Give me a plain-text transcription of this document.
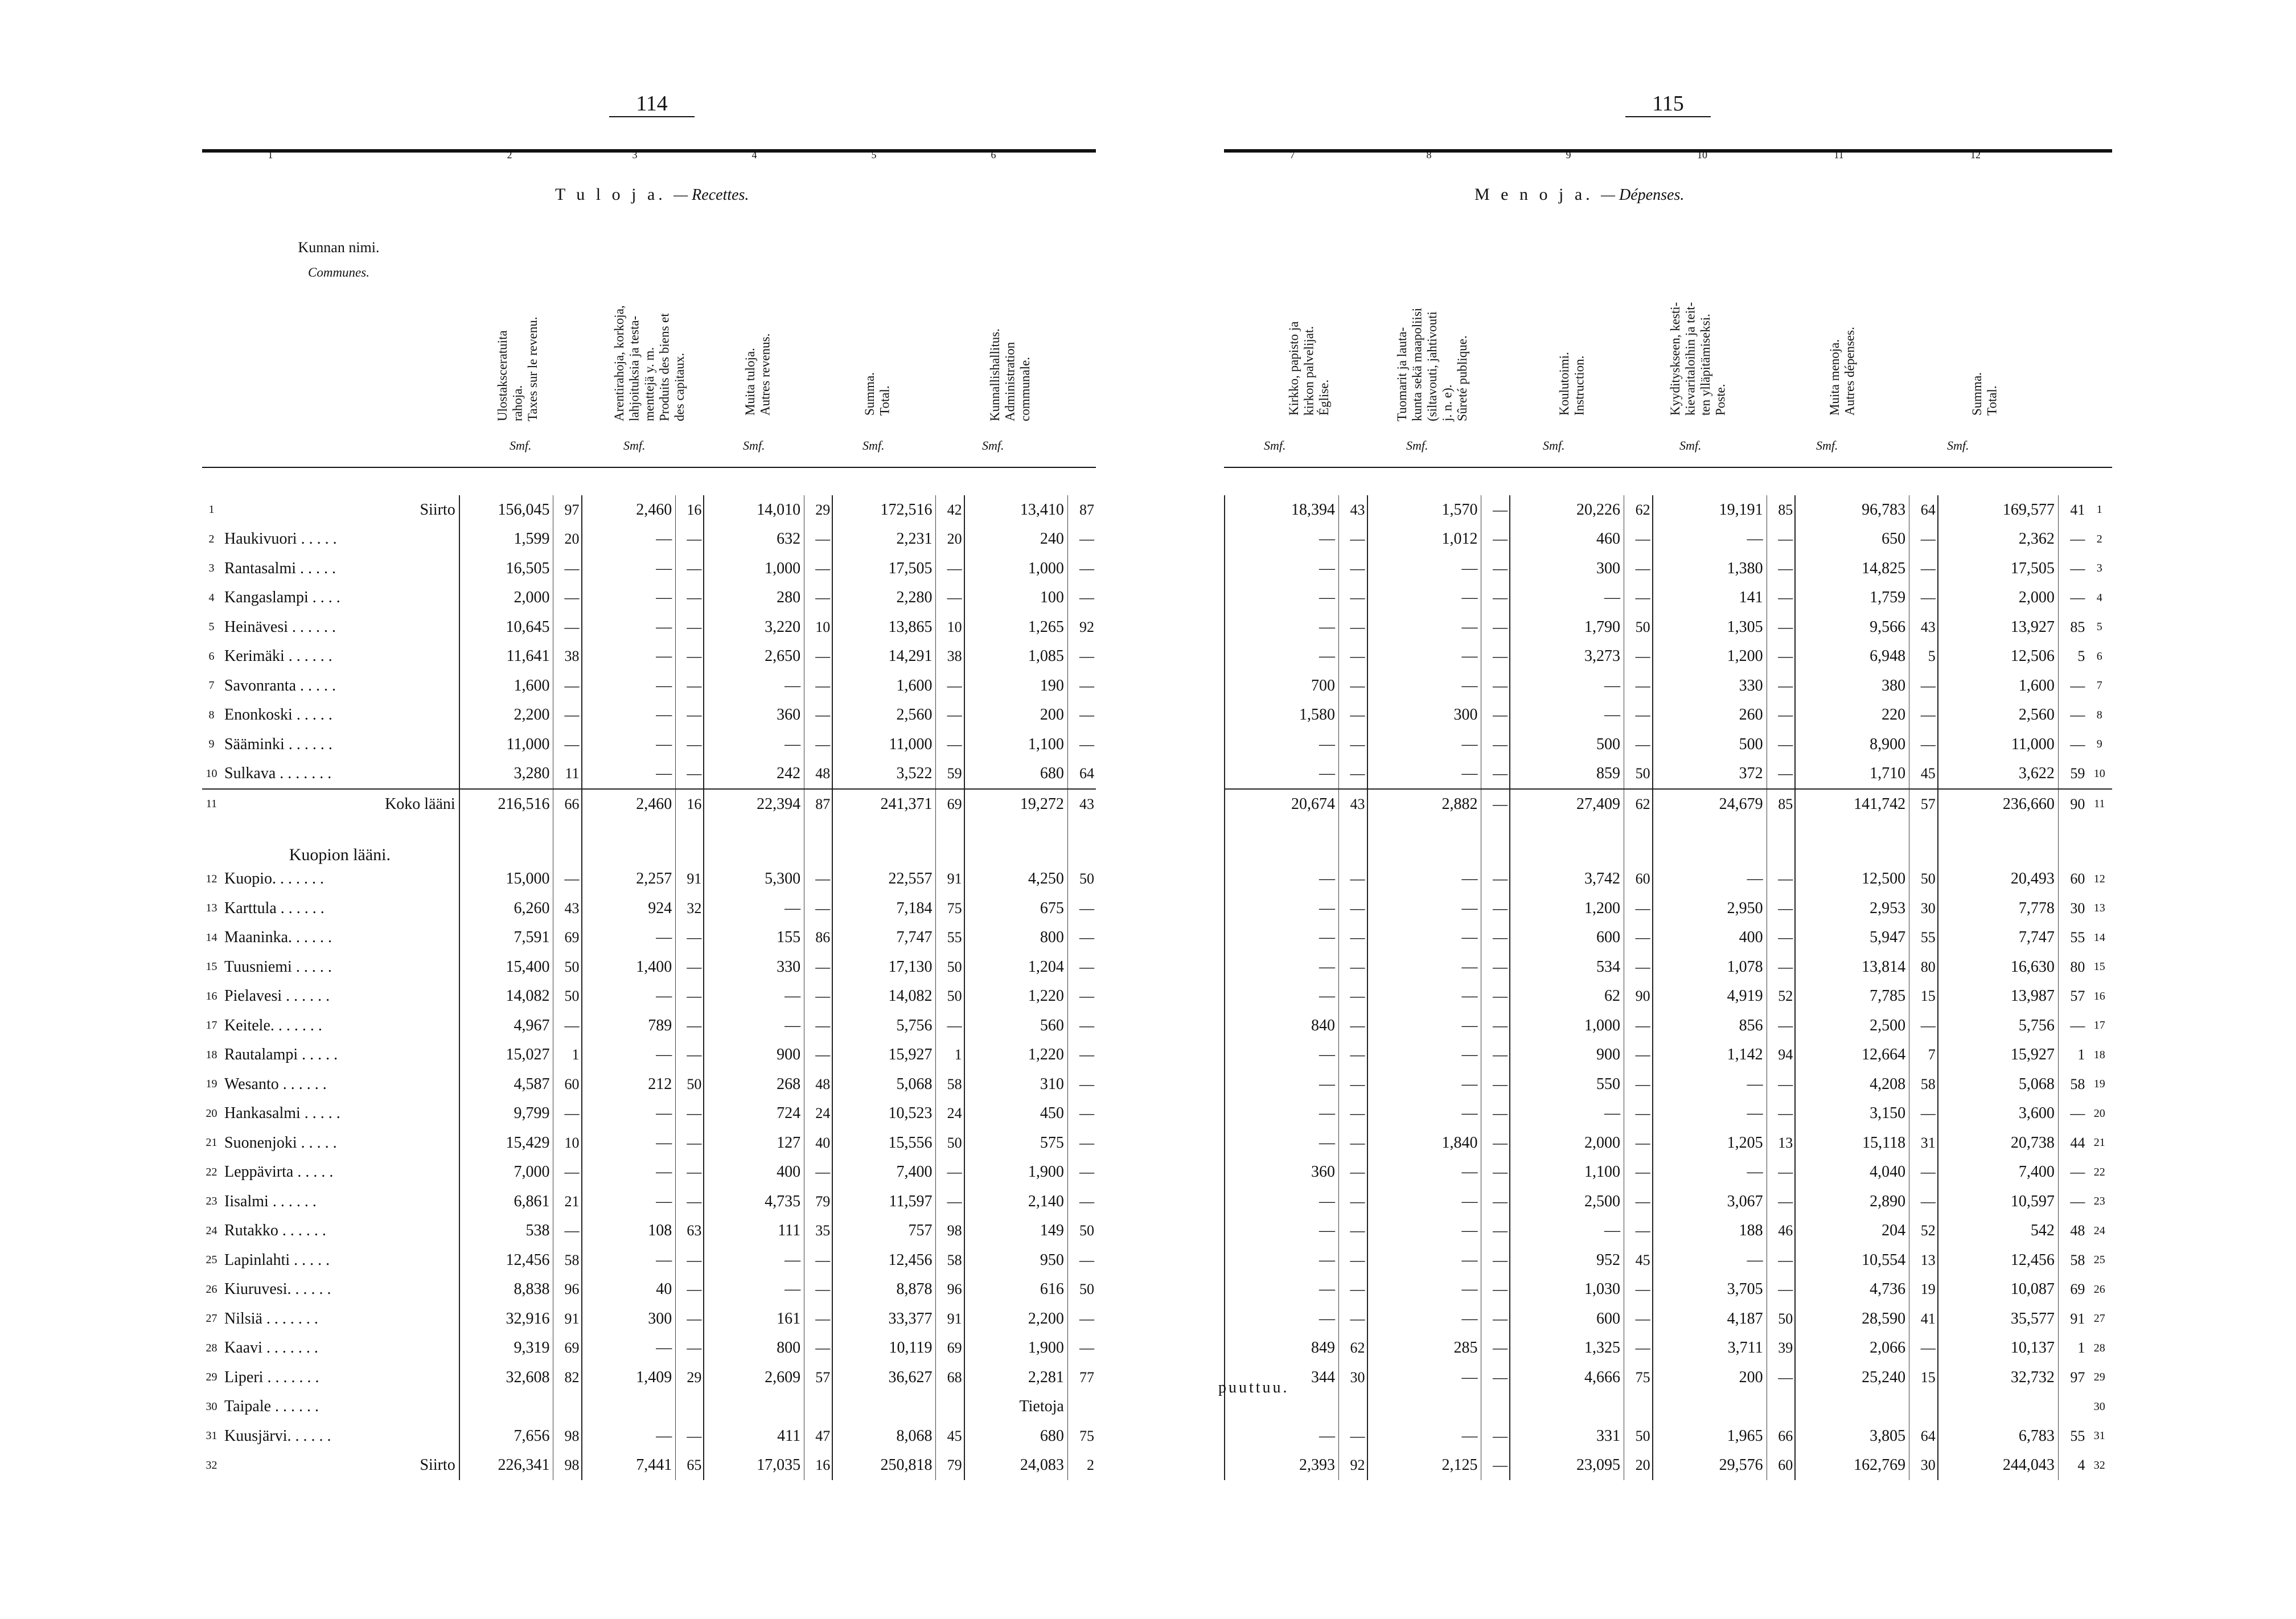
114
1	2	3	4	5	6
T u l o j a. — Recettes.
Kunnan nimi.
Communes.
Ulostaksceratuita
rahoja.
Taxes sur le revenu.
Arentirahoja, korkoja,
lahjoituksia ja testa-
menttejä y. m.
Produits des biens et
des capitaux.	Muita tuloja.
Autres revenus.
Summa.
Total.	Kunnallishallitus.
Administration
communale.
Smf.	Smf.	Smf.	Smf.	Smf.
1	Siirto	156,045	97	2,460	16	14,010	29	172,516	42	13,410	87
2	Haukivuori . . . . .	1,599	20	—	—	632	—	2,231	20	240	—
3	Rantasalmi . . . . .	16,505	—	—	—	1,000	—	17,505	—	1,000	—
4	Kangaslampi . . . .	2,000	—	—	—	280	—	2,280	—	100	—
5	Heinävesi . . . . . .	10,645	—	—	—	3,220	10	13,865	10	1,265	92
6	Kerimäki . . . . . .	11,641	38	—	—	2,650	—	14,291	38	1,085	—
7	Savonranta . . . . .	1,600	—	—	—	—	—	1,600	—	190	—
8	Enonkoski . . . . .	2,200	—	—	—	360	—	2,560	—	200	—
9	Sääminki . . . . . .	11,000	—	—	—	—	—	11,000	—	1,100	—
10	Sulkava . . . . . . .	3,280	11	—	—	242	48	3,522	59	680	64
11	Koko lääni	216,516	66	2,460	16	22,394	87	241,371	69	19,272	43
	Kuopion lääni.										
12	Kuopio. . . . . . .	15,000	—	2,257	91	5,300	—	22,557	91	4,250	50
13	Karttula . . . . . .	6,260	43	924	32	—	—	7,184	75	675	—
14	Maaninka. . . . . .	7,591	69	—	—	155	86	7,747	55	800	—
15	Tuusniemi . . . . .	15,400	50	1,400	—	330	—	17,130	50	1,204	—
16	Pielavesi . . . . . .	14,082	50	—	—	—	—	14,082	50	1,220	—
17	Keitele. . . . . . .	4,967	—	789	—	—	—	5,756	—	560	—
18	Rautalampi . . . . .	15,027	1	—	—	900	—	15,927	1	1,220	—
19	Wesanto . . . . . .	4,587	60	212	50	268	48	5,068	58	310	—
20	Hankasalmi . . . . .	9,799	—	—	—	724	24	10,523	24	450	—
21	Suonenjoki . . . . .	15,429	10	—	—	127	40	15,556	50	575	—
22	Leppävirta . . . . .	7,000	—	—	—	400	—	7,400	—	1,900	—
23	Iisalmi . . . . . .	6,861	21	—	—	4,735	79	11,597	—	2,140	—
24	Rutakko . . . . . .	538	—	108	63	111	35	757	98	149	50
25	Lapinlahti . . . . .	12,456	58	—	—	—	—	12,456	58	950	—
26	Kiuruvesi. . . . . .	8,838	96	40	—	—	—	8,878	96	616	50
27	Nilsiä . . . . . . .	32,916	91	300	—	161	—	33,377	91	2,200	—
28	Kaavi . . . . . . .	9,319	69	—	—	800	—	10,119	69	1,900	—
29	Liperi . . . . . . .	32,608	82	1,409	29	2,609	57	36,627	68	2,281	77
30	Taipale . . . . . .									Tietoja	
31	Kuusjärvi. . . . . .	7,656	98	—	—	411	47	8,068	45	680	75
32	Siirto	226,341	98	7,441	65	17,035	16	250,818	79	24,083	2
115
7	8	9	10	11	12
M e n o j a. — Dépenses.
Kirkko, papisto ja
kirkon palvelijat.
Église.	Tuomarit ja lauta-
kunta sekä maapoliisi
(siltavouti, jahtivouti
j. n. e).
Sûreté publique.	Koulutoimi.
Instruction.	Kyydityskseen, kesti-
kievaritaloihin ja teit-
ten ylläpitämiseksi.
Poste.	Muita menoja.
Autres dépenses.
Summa.
Total.
Smf.	Smf.	Smf.	Smf.	Smf.	Smf.
18,394	43	1,570	—	20,226	62	19,191	85	96,783	64	169,577	41	1
—	—	1,012	—	460	—	—	—	650	—	2,362	—	2
—	—	—	—	300	—	1,380	—	14,825	—	17,505	—	3
—	—	—	—	—	—	141	—	1,759	—	2,000	—	4
—	—	—	—	1,790	50	1,305	—	9,566	43	13,927	85	5
—	—	—	—	3,273	—	1,200	—	6,948	5	12,506	5	6
700	—	—	—	—	—	330	—	380	—	1,600	—	7
1,580	—	300	—	—	—	260	—	220	—	2,560	—	8
—	—	—	—	500	—	500	—	8,900	—	11,000	—	9
—	—	—	—	859	50	372	—	1,710	45	3,622	59	10
20,674	43	2,882	—	27,409	62	24,679	85	141,742	57	236,660	90	11

—	—	—	—	3,742	60	—	—	12,500	50	20,493	60	12
—	—	—	—	1,200	—	2,950	—	2,953	30	7,778	30	13
—	—	—	—	600	—	400	—	5,947	55	7,747	55	14
—	—	—	—	534	—	1,078	—	13,814	80	16,630	80	15
—	—	—	—	62	90	4,919	52	7,785	15	13,987	57	16
840	—	—	—	1,000	—	856	—	2,500	—	5,756	—	17
—	—	—	—	900	—	1,142	94	12,664	7	15,927	1	18
—	—	—	—	550	—	—	—	4,208	58	5,068	58	19
—	—	—	—	—	—	—	—	3,150	—	3,600	—	20
—	—	1,840	—	2,000	—	1,205	13	15,118	31	20,738	44	21
360	—	—	—	1,100	—	—	—	4,040	—	7,400	—	22
—	—	—	—	2,500	—	3,067	—	2,890	—	10,597	—	23
—	—	—	—	—	—	188	46	204	52	542	48	24
—	—	—	—	952	45	—	—	10,554	13	12,456	58	25
—	—	—	—	1,030	—	3,705	—	4,736	19	10,087	69	26
—	—	—	—	600	—	4,187	50	28,590	41	35,577	91	27
849	62	285	—	1,325	—	3,711	39	2,066	—	10,137	1	28
344	30	—	—	4,666	75	200	—	25,240	15	32,732	97	29
												30
—	—	—	—	331	50	1,965	66	3,805	64	6,783	55	31
2,393	92	2,125	—	23,095	20	29,576	60	162,769	30	244,043	4	32
puuttuu.
